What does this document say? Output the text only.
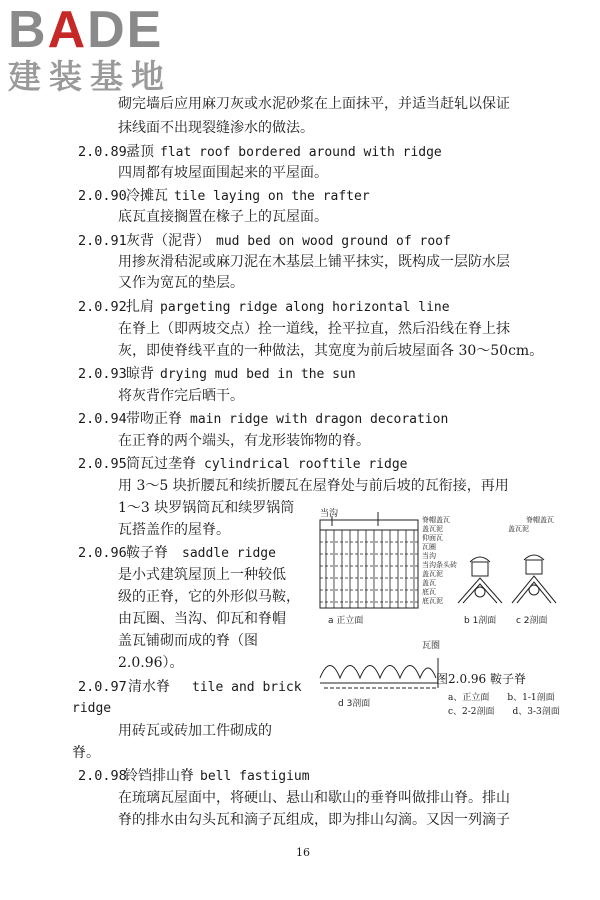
BADE
建装基地
砌完墙后应用麻刀灰或水泥砂浆在上面抹平，并适当赶轧以保证
抹线面不出现裂缝渗水的做法。
2.0.89 盝顶 flat roof bordered around with ridge
四周都有坡屋面围起来的平屋面。
2.0.90 冷摊瓦 tile laying on the rafter
底瓦直接搁置在椽子上的瓦屋面。
2.0.91 灰背（泥背） mud bed on wood ground of roof
用掺灰滑秸泥或麻刀泥在木基层上铺平抹实，既构成一层防水层
又作为宽瓦的垫层。
2.0.92 扎肩 pargeting ridge along horizontal line
在脊上（即两坡交点）拴一道线，拴平拉直，然后沿线在脊上抹
灰，即使脊线平直的一种做法，其宽度为前后坡屋面各 30～50cm。
2.0.93 晾背 drying mud bed in the sun
将灰背作完后晒干。
2.0.94 带吻正脊 main ridge with dragon decoration
在正脊的两个端头，有龙形装饰物的脊。
2.0.95 筒瓦过垄脊 cylindrical rooftile ridge
用 3～5 块折腰瓦和续折腰瓦在屋脊处与前后坡的瓦衔接，再用
1～3 块罗锅筒瓦和续罗锅筒
瓦搭盖作的屋脊。
2.0.96 鞍子脊 saddle ridge
是小式建筑屋顶上一种较低
级的正脊，它的外形似马鞍，
由瓦圈、当沟、仰瓦和脊帽
盖瓦铺砌而成的脊（图
2.0.96）。
2.0.97 清水脊 tile and brick
ridge
用砖瓦或砖加工件砌成的
脊。
2.0.98
铃铛排山脊 bell fastigium
在琉璃瓦屋面中，将硬山、悬山和歇山的垂脊叫做排山脊。排山
脊的排水由勾头瓦和滴子瓦组成，即为排山勾滴。又因一列滴子
当沟
a 正立面	b 1剖面 c 2剖面
d 3剖面
瓦圈
脊帽盖瓦
盖瓦泥
仰面瓦
瓦圈
当沟
当沟条头砖
盖瓦泥
盖瓦
底瓦
底瓦泥
盖瓦泥
脊帽盖瓦
图2.0.96 鞍子脊
a、正立面　　b、1-1剖面
c、2-2剖面　　d、3-3剖面
16
